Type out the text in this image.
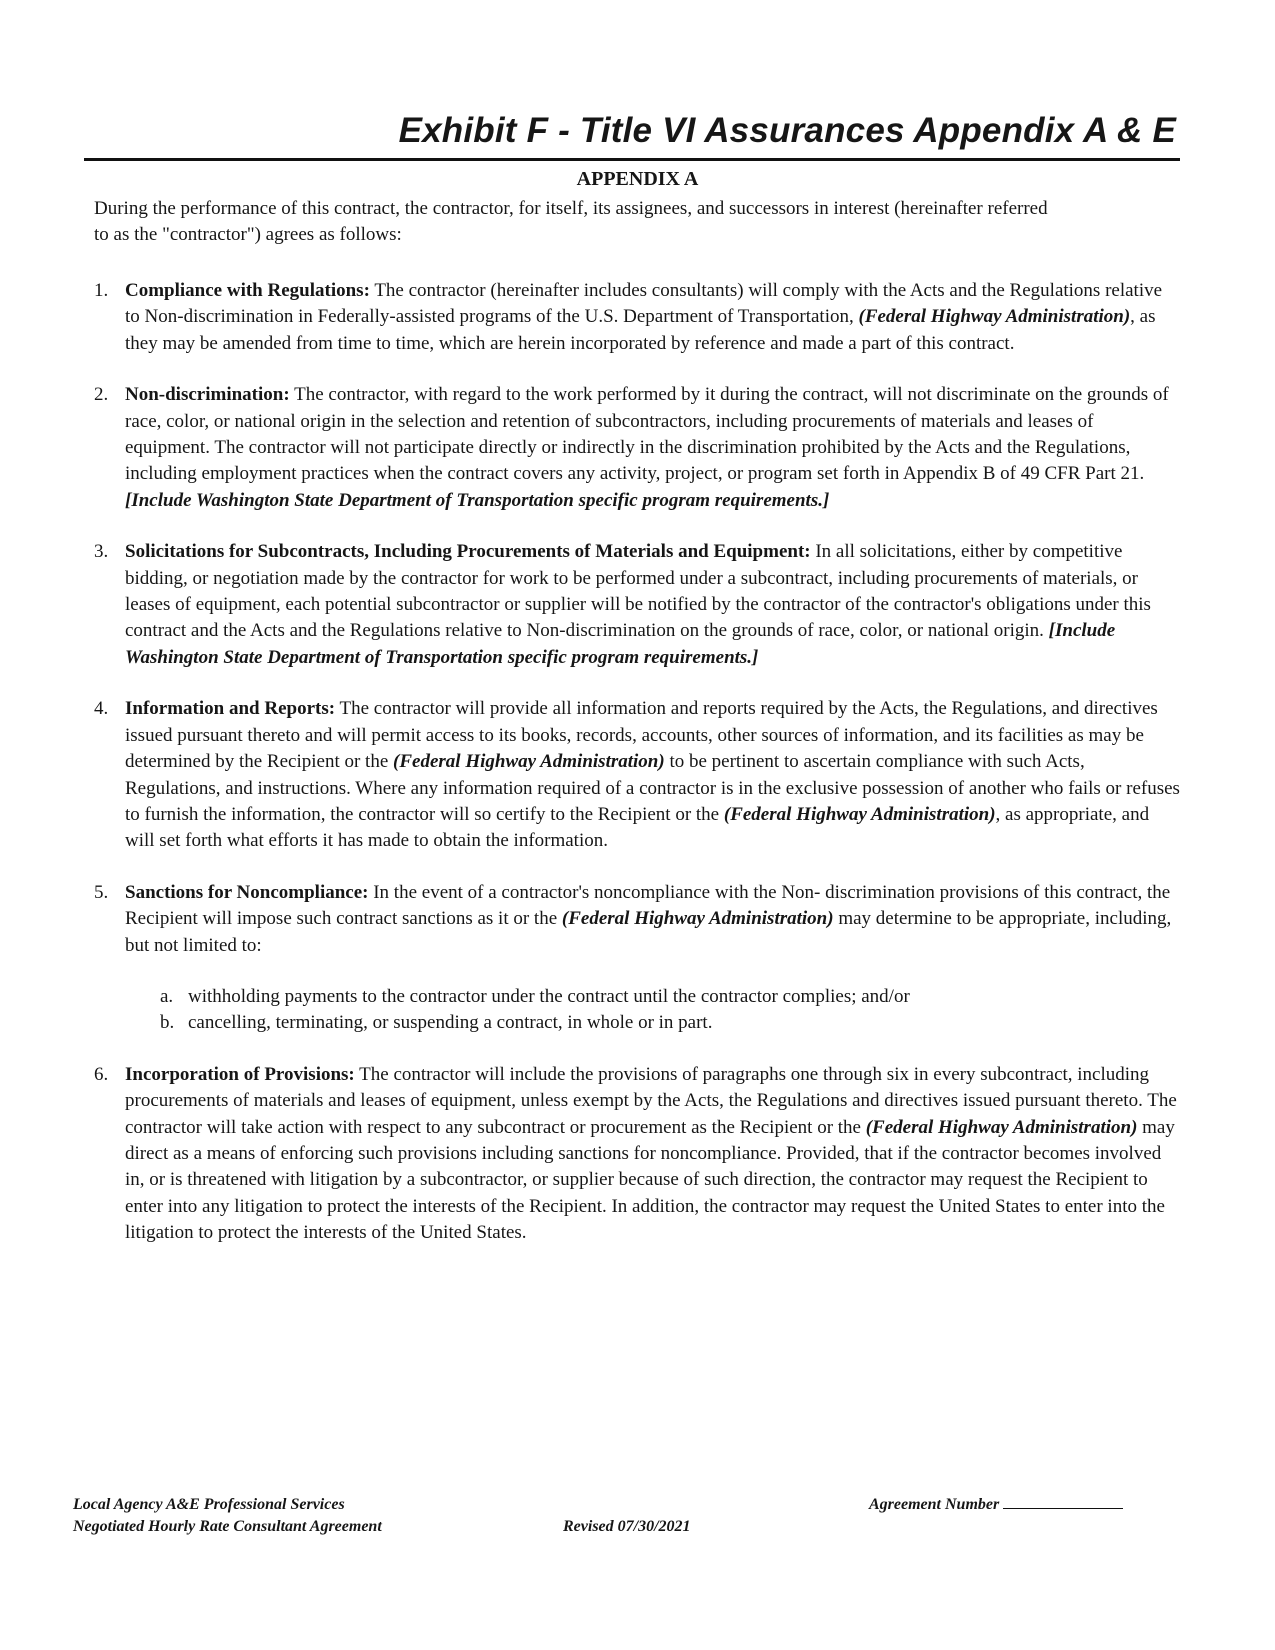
Exhibit F - Title VI Assurances Appendix A & E
APPENDIX A

During the performance of this contract, the contractor, for itself, its assignees, and successors in interest (hereinafter referred to as the "contractor") agrees as follows:

1. Compliance with Regulations: The contractor (hereinafter includes consultants) will comply with the Acts and the Regulations relative to Non-discrimination in Federally-assisted programs of the U.S. Department of Transportation, (Federal Highway Administration), as they may be amended from time to time, which are herein incorporated by reference and made a part of this contract.
2. Non-discrimination: The contractor, with regard to the work performed by it during the contract, will not discriminate on the grounds of race, color, or national origin in the selection and retention of subcontractors, including procurements of materials and leases of equipment. The contractor will not participate directly or indirectly in the discrimination prohibited by the Acts and the Regulations, including employment practices when the contract covers any activity, project, or program set forth in Appendix B of 49 CFR Part 21.
[Include Washington State Department of Transportation specific program requirements.]
3. Solicitations for Subcontracts, Including Procurements of Materials and Equipment: In all solicitations, either by competitive bidding, or negotiation made by the contractor for work to be performed under a subcontract, including procurements of materials, or leases of equipment, each potential subcontractor or supplier will be notified by the contractor of the contractor's obligations under this contract and the Acts and the Regulations relative to Non-discrimination on the grounds of race, color, or national origin. [Include Washington State Department of Transportation specific program requirements.]
4. Information and Reports: The contractor will provide all information and reports required by the Acts, the Regulations, and directives issued pursuant thereto and will permit access to its books, records, accounts, other sources of information, and its facilities as may be determined by the Recipient or the (Federal Highway Administration) to be pertinent to ascertain compliance with such Acts, Regulations, and instructions. Where any information required of a contractor is in the exclusive possession of another who fails or refuses to furnish the information, the contractor will so certify to the Recipient or the (Federal Highway Administration), as appropriate, and will set forth what efforts it has made to obtain the information.
5. Sanctions for Noncompliance: In the event of a contractor's noncompliance with the Non- discrimination provisions of this contract, the Recipient will impose such contract sanctions as it or the (Federal Highway Administration) may determine to be appropriate, including, but not limited to:
a. withholding payments to the contractor under the contract until the contractor complies; and/or
b. cancelling, terminating, or suspending a contract, in whole or in part.
6. Incorporation of Provisions: The contractor will include the provisions of paragraphs one through six in every subcontract, including procurements of materials and leases of equipment, unless exempt by the Acts, the Regulations and directives issued pursuant thereto. The contractor will take action with respect to any subcontract or procurement as the Recipient or the (Federal Highway Administration) may direct as a means of enforcing such provisions including sanctions for noncompliance. Provided, that if the contractor becomes involved in, or is threatened with litigation by a subcontractor, or supplier because of such direction, the contractor may request the Recipient to enter into any litigation to protect the interests of the Recipient. In addition, the contractor may request the United States to enter into the litigation to protect the interests of the United States.
Local Agency A&E Professional Services
Negotiated Hourly Rate Consultant Agreement	Revised 07/30/2021
Agreement Number
